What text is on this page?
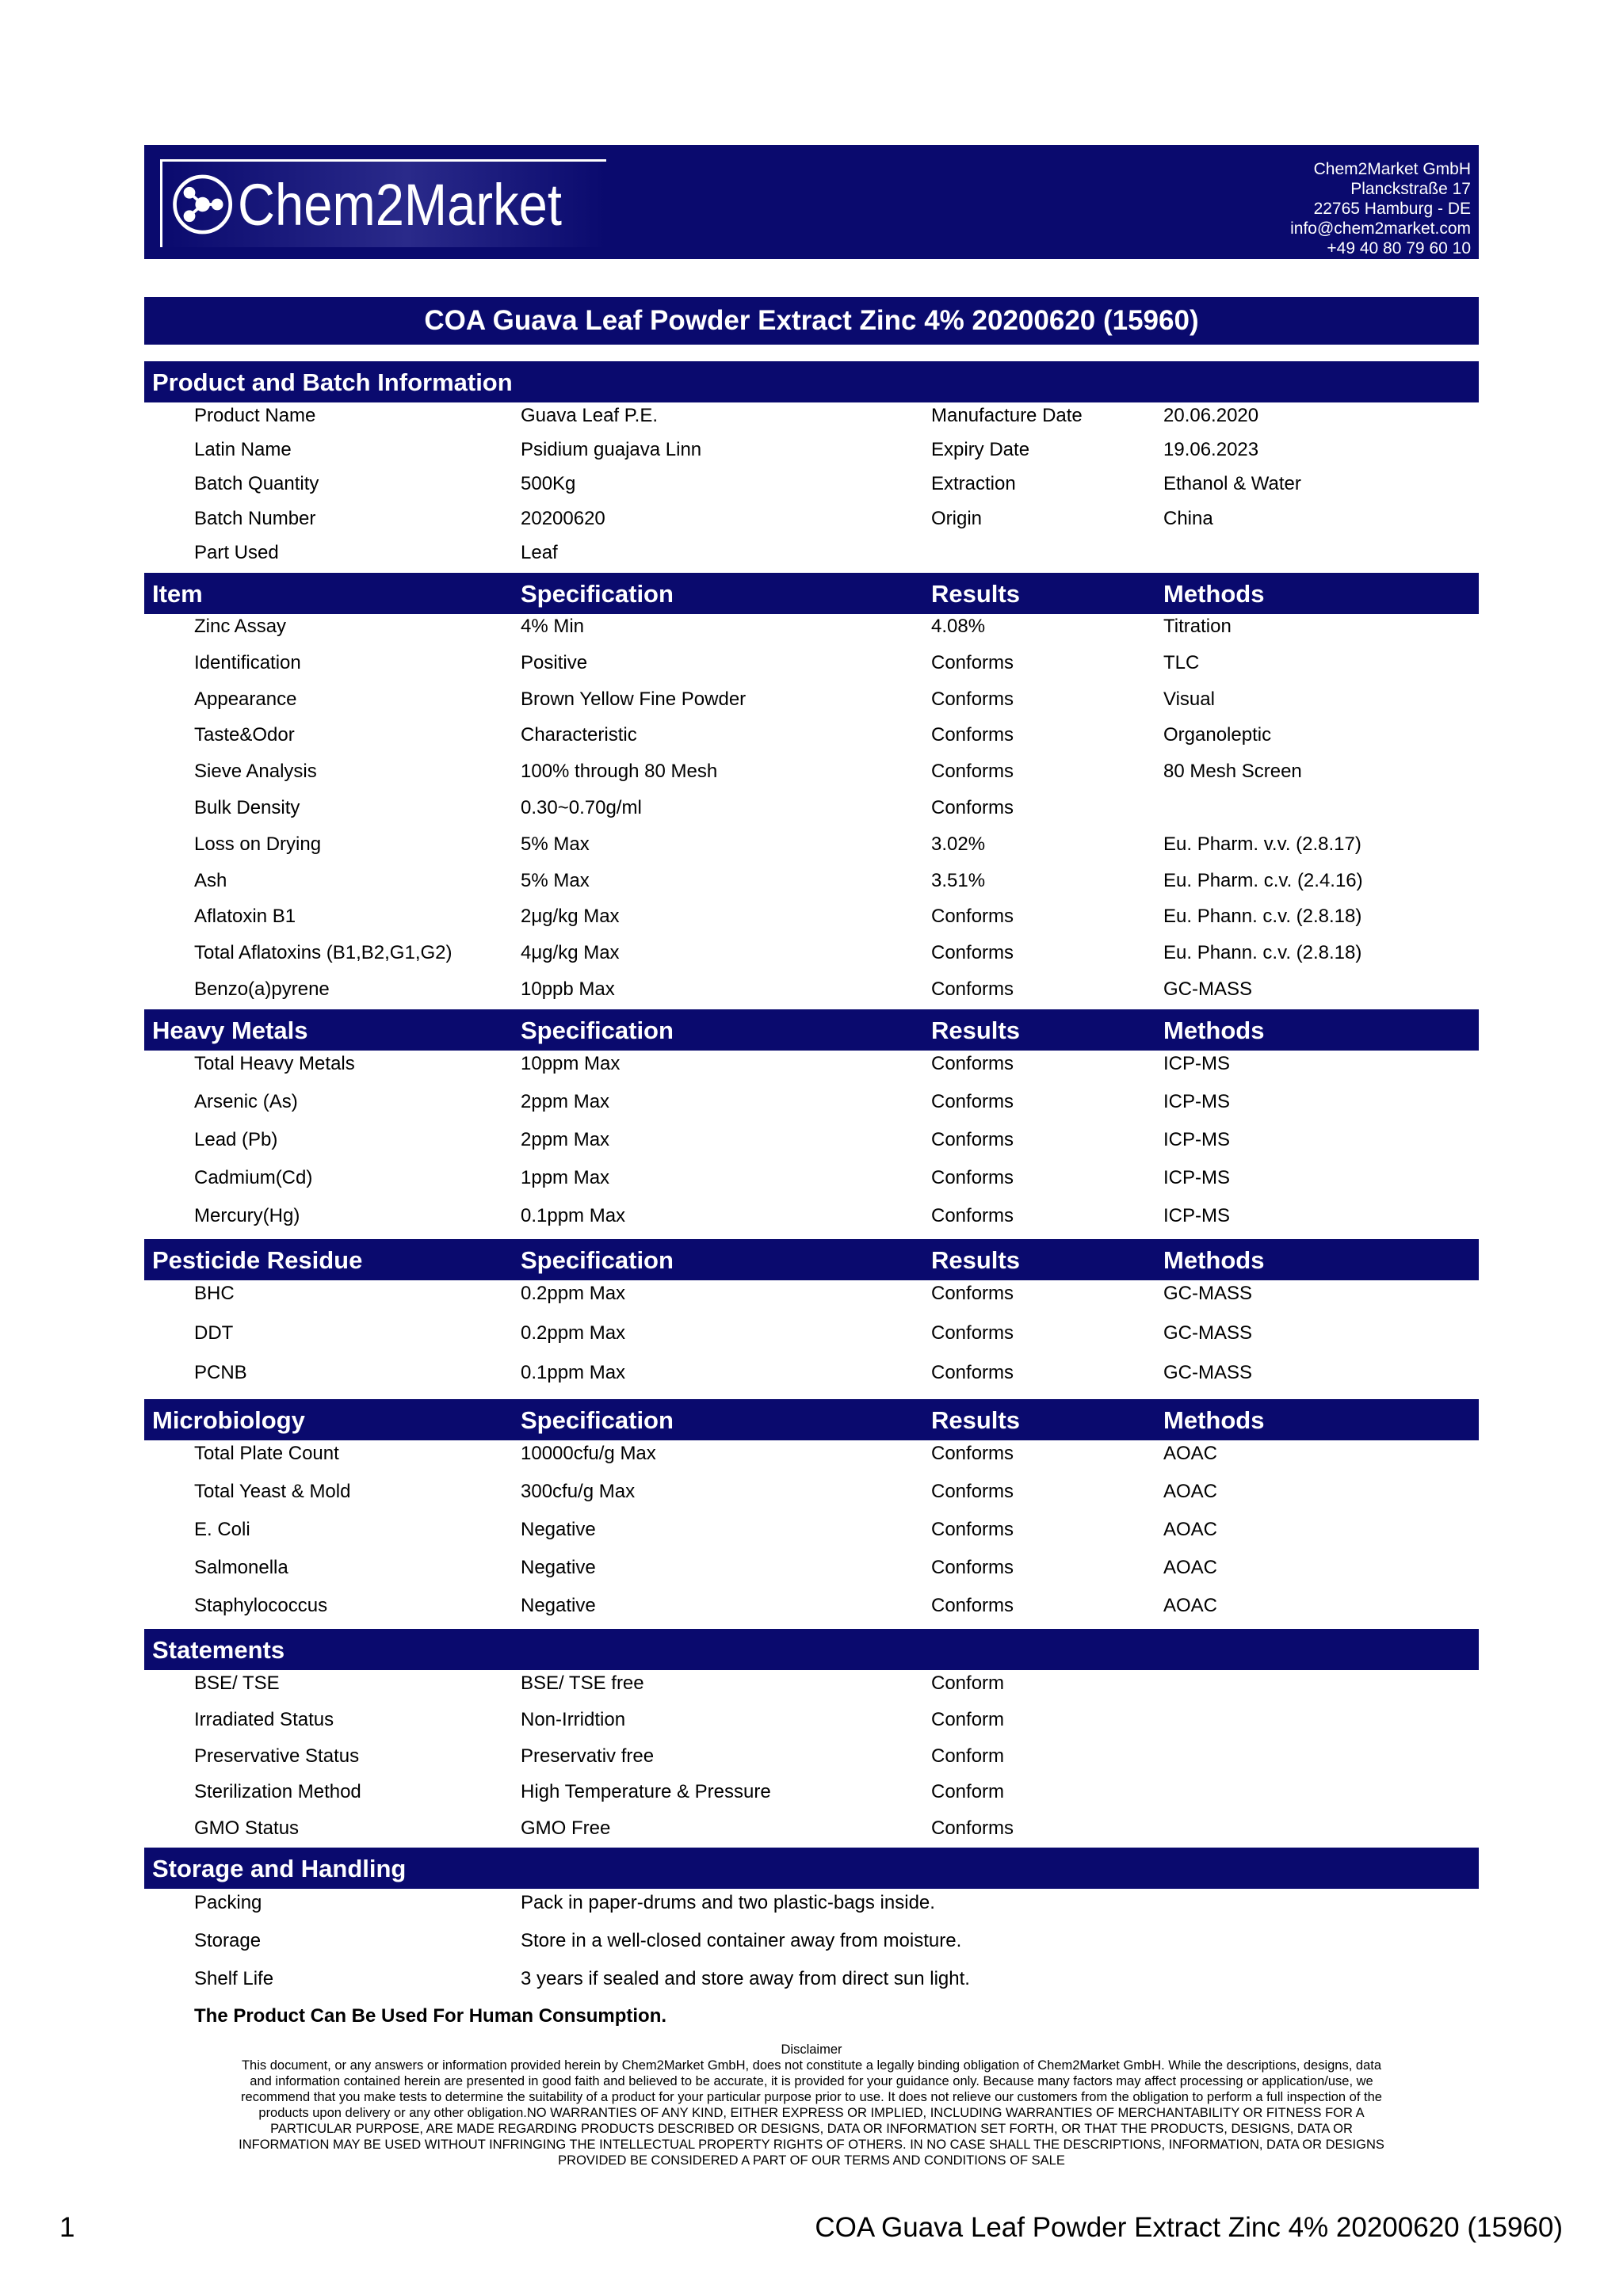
Chem2Market
Chem2Market GmbH
Planckstraße 17
22765 Hamburg - DE
info@chem2market.com
+49 40 80 79 60 10
COA Guava Leaf Powder Extract Zinc 4% 20200620 (15960)
Product and Batch Information
Product Name	Guava Leaf P.E.	Manufacture Date	20.06.2020
Latin Name	Psidium guajava Linn	Expiry Date	19.06.2023
Batch Quantity	500Kg	Extraction	Ethanol & Water
Batch Number	20200620	Origin	China
Part Used	Leaf
Item	Specification	Results	Methods
Zinc Assay	4% Min	4.08%	Titration
Identification	Positive	Conforms	TLC
Appearance	Brown Yellow Fine Powder	Conforms	Visual
Taste&Odor	Characteristic	Conforms	Organoleptic
Sieve Analysis	100% through 80 Mesh	Conforms	80 Mesh Screen
Bulk Density	0.30~0.70g/ml	Conforms
Loss on Drying	5% Max	3.02%	Eu. Pharm. v.v. (2.8.17)
Ash	5% Max	3.51%	Eu. Pharm. c.v. (2.4.16)
Aflatoxin B1	2μg/kg Max	Conforms	Eu. Phann. c.v. (2.8.18)
Total Aflatoxins (B1,B2,G1,G2)	4μg/kg Max	Conforms	Eu. Phann. c.v. (2.8.18)
Benzo(a)pyrene	10ppb Max	Conforms	GC-MASS
Heavy Metals	Specification	Results	Methods
Total Heavy Metals	10ppm Max	Conforms	ICP-MS
Arsenic (As)	2ppm Max	Conforms	ICP-MS
Lead (Pb)	2ppm Max	Conforms	ICP-MS
Cadmium(Cd)	1ppm Max	Conforms	ICP-MS
Mercury(Hg)	0.1ppm Max	Conforms	ICP-MS
Pesticide Residue	Specification	Results	Methods
BHC	0.2ppm Max	Conforms	GC-MASS
DDT	0.2ppm Max	Conforms	GC-MASS
PCNB	0.1ppm Max	Conforms	GC-MASS
Microbiology	Specification	Results	Methods
Total Plate Count	10000cfu/g Max	Conforms	AOAC
Total Yeast & Mold	300cfu/g Max	Conforms	AOAC
E. Coli	Negative	Conforms	AOAC
Salmonella	Negative	Conforms	AOAC
Staphylococcus	Negative	Conforms	AOAC
Statements
BSE/ TSE	BSE/ TSE free	Conform
Irradiated Status	Non-Irridtion	Conform
Preservative Status	Preservativ free	Conform
Sterilization Method	High Temperature & Pressure	Conform
GMO Status	GMO Free	Conforms
Storage and Handling
Packing	Pack in paper-drums and two plastic-bags inside.
Storage	Store in a well-closed container away from moisture.
Shelf Life	3 years if sealed and store away from direct sun light.
The Product Can Be Used For Human Consumption.
Disclaimer
This document, or any answers or information provided herein by Chem2Market GmbH, does not constitute a legally binding obligation of Chem2Market GmbH. While the descriptions, designs, data
and information contained herein are presented in good faith and believed to be accurate, it is provided for your guidance only. Because many factors may affect processing or application/use, we
recommend that you make tests to determine the suitability of a product for your particular purpose prior to use. It does not relieve our customers from the obligation to perform a full inspection of the
products upon delivery or any other obligation.NO WARRANTIES OF ANY KIND, EITHER EXPRESS OR IMPLIED, INCLUDING WARRANTIES OF MERCHANTABILITY OR FITNESS FOR A
PARTICULAR PURPOSE, ARE MADE REGARDING PRODUCTS DESCRIBED OR DESIGNS, DATA OR INFORMATION SET FORTH, OR THAT THE PRODUCTS, DESIGNS, DATA OR
INFORMATION MAY BE USED WITHOUT INFRINGING THE INTELLECTUAL PROPERTY RIGHTS OF OTHERS. IN NO CASE SHALL THE DESCRIPTIONS, INFORMATION, DATA OR DESIGNS
PROVIDED BE CONSIDERED A PART OF OUR TERMS AND CONDITIONS OF SALE
1	COA Guava Leaf Powder Extract Zinc 4% 20200620 (15960)
